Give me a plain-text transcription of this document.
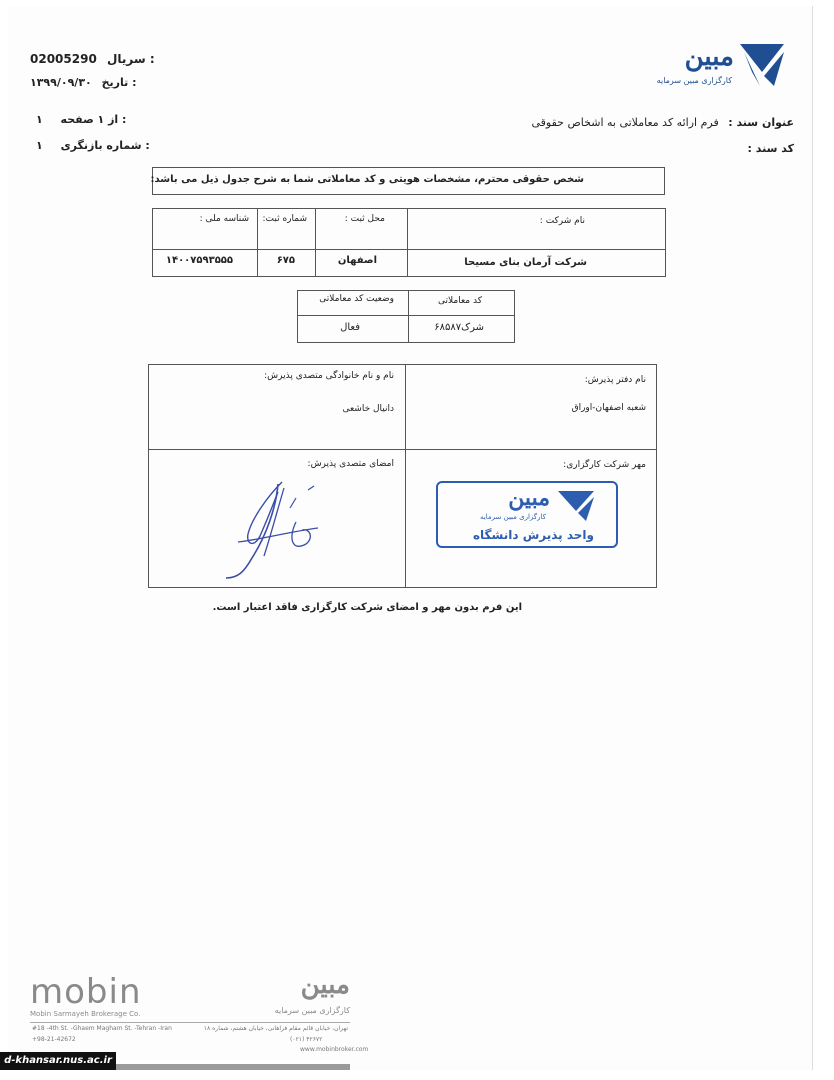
02005290 سریال :
۱۳۹۹/۰۹/۳۰ تاریخ :
۱ از ۱ صفحه :
۱ شماره بازنگری :
مبین
کارگزاری مبین سرمایه
عنوان سند : فرم ارائه کد معاملاتی به اشخاص حقوقی
کد سند :
شخص حقوقی محترم، مشخصات هویتی و کد معاملاتی شما به شرح جدول ذیل می باشد:
نام شرکت :
محل ثبت :
شماره ثبت:
شناسه ملی :
شرکت آرمان بنای مسیحا
اصفهان
۶۷۵
۱۴۰۰۷۵۹۳۵۵۵
کد معاملاتی
وضعیت کد معاملاتی
شرک۶۸۵۸۷
فعال
نام دفتر پذیرش:
شعبه اصفهان-اوراق
نام و نام خانوادگی متصدی پذیرش:
دانیال خاشعی
مهر شرکت کارگزاری:
امضای متصدی پذیرش:
مبین
کارگزاری مبین سرمایه
واحد پذیرش دانشگاه
این فرم بدون مهر و امضای شرکت کارگزاری فاقد اعتبار است.
mobin
Mobin Sarmayeh Brokerage Co.
مبین
کارگزاری مبین سرمایه
#18 -4th St. -Ghaem Magham St. -Tehran -Iran	تهران، خیابان قائم مقام فراهانی، خیابان هشتم، شماره ۱۸
+98-21-42672	(۰۲۱) ۴۲۶۷۲
www.mobinbroker.com
d-khansar.nus.ac.ir
